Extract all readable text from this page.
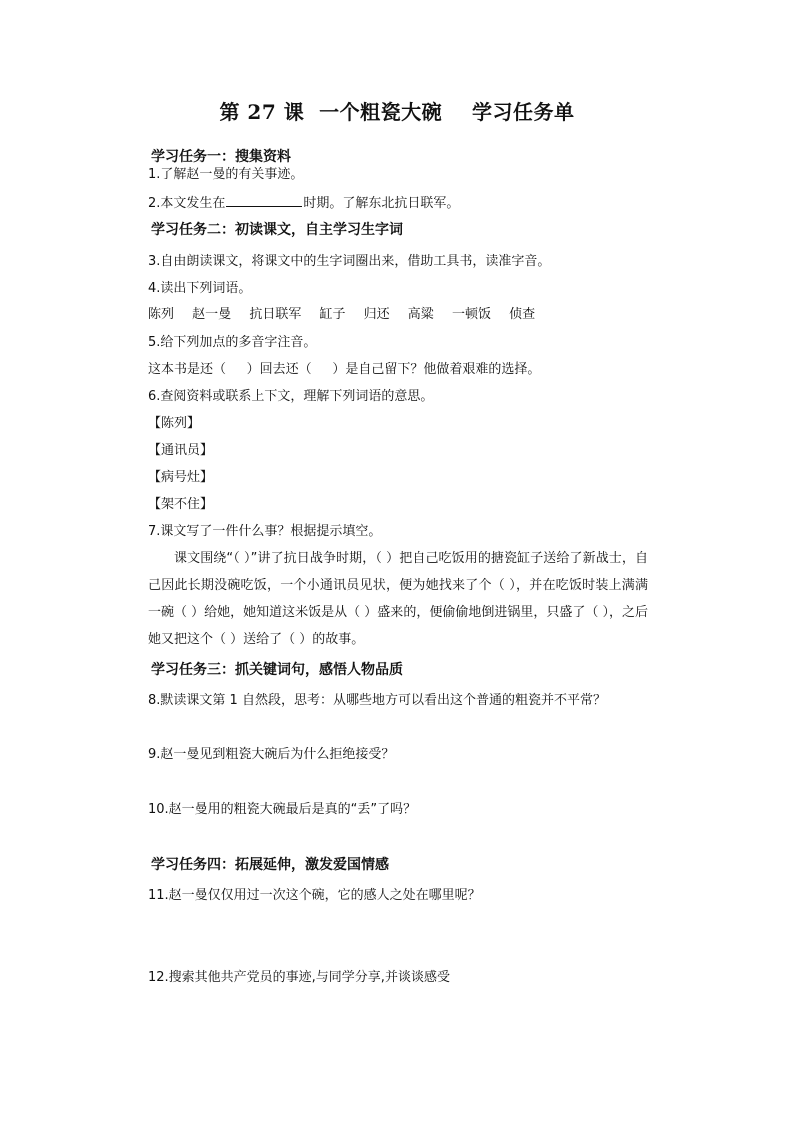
第 27 课  一个粗瓷大碗    学习任务单
学习任务一：搜集资料
1.了解赵一曼的有关事迹。
2.本文发生在	时期。了解东北抗日联军。
学习任务二：初读课文，自主学习生字词
3.自由朗读课文，将课文中的生字词圈出来，借助工具书，读准字音。
4.读出下列词语。
陈列 赵一曼 抗日联军 缸子 归还 高粱 一顿饭 侦查
5.给下列加点的多音字注音。
这本书是还（     ）回去还（     ）是自己留下？他做着艰难的选择。
6.查阅资料或联系上下文，理解下列词语的意思。
【陈列】
【通讯员】
【病号灶】
【架不住】
7.课文写了一件什么事？根据提示填空。
课文围绕“（ ）”讲了抗日战争时期，（ ）把自己吃饭用的搪瓷缸子送给了新战士，自己因此长期没碗吃饭，一个小通讯员见状，便为她找来了个（ ），并在吃饭时装上满满一碗（ ）给她，她知道这米饭是从（ ）盛来的，便偷偷地倒进锅里，只盛了（ ），之后她又把这个（ ）送给了（ ）的故事。
学习任务三：抓关键词句，感悟人物品质
8.默读课文第 1 自然段，思考：从哪些地方可以看出这个普通的粗瓷并不平常？
9.赵一曼见到粗瓷大碗后为什么拒绝接受？
10.赵一曼用的粗瓷大碗最后是真的“丢”了吗？
学习任务四：拓展延伸，激发爱国情感
11.赵一曼仅仅用过一次这个碗，它的感人之处在哪里呢？
12.搜索其他共产党员的事迹,与同学分享,并谈谈感受
